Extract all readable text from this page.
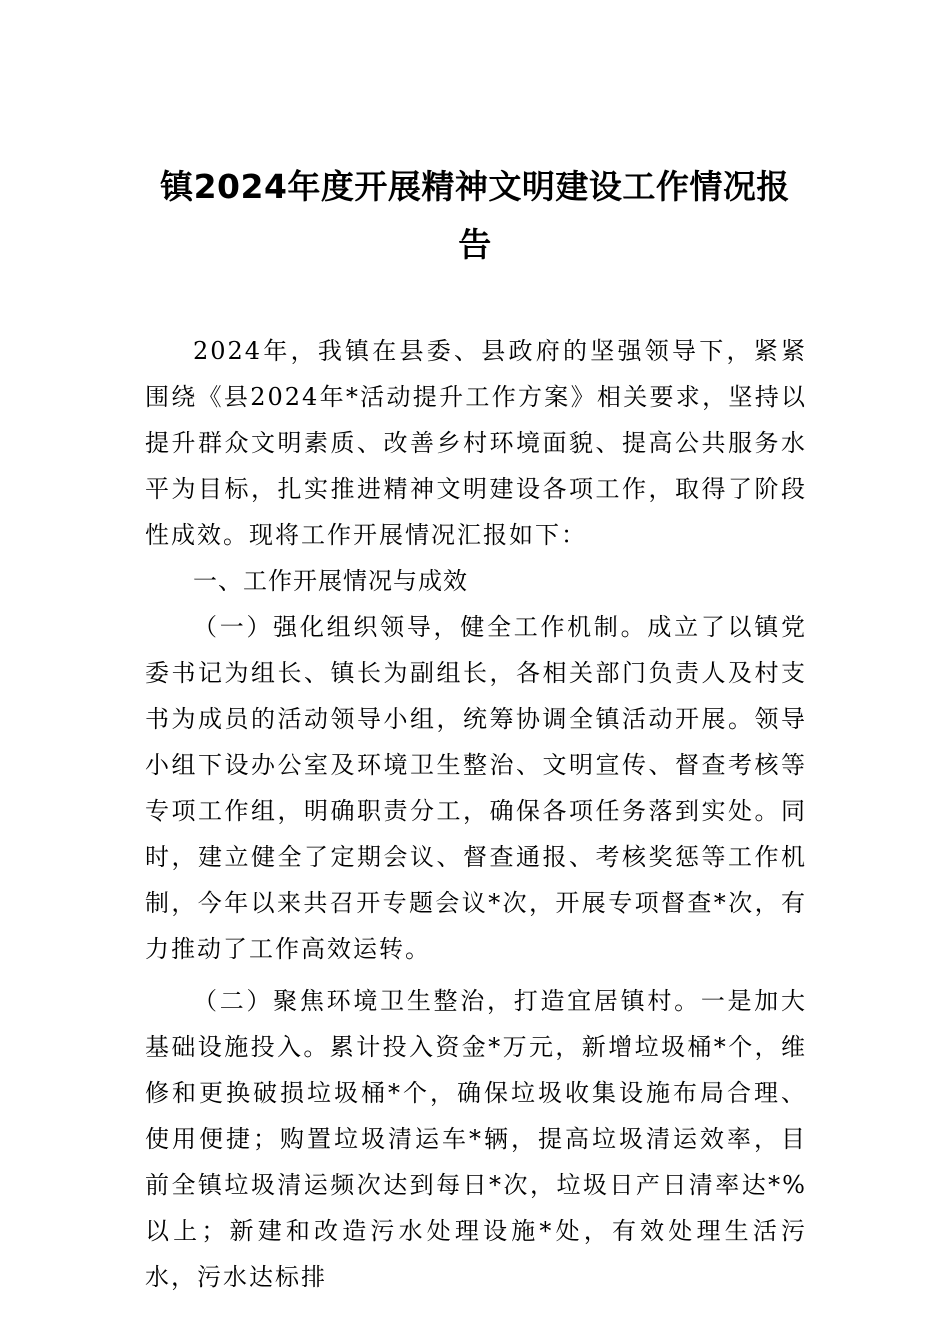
镇2024年度开展精神文明建设工作情况报告

2024年，我镇在县委、县政府的坚强领导下，紧紧围绕《县2024年*活动提升工作方案》相关要求，坚持以提升群众文明素质、改善乡村环境面貌、提高公共服务水平为目标，扎实推进精神文明建设各项工作，取得了阶段性成效。现将工作开展情况汇报如下：

一、工作开展情况与成效

（一）强化组织领导，健全工作机制。成立了以镇党委书记为组长、镇长为副组长，各相关部门负责人及村支书为成员的活动领导小组，统筹协调全镇活动开展。领导小组下设办公室及环境卫生整治、文明宣传、督查考核等专项工作组，明确职责分工，确保各项任务落到实处。同时，建立健全了定期会议、督查通报、考核奖惩等工作机制，今年以来共召开专题会议*次，开展专项督查*次，有力推动了工作高效运转。

（二）聚焦环境卫生整治，打造宜居镇村。一是加大基础设施投入。累计投入资金*万元，新增垃圾桶*个，维修和更换破损垃圾桶*个，确保垃圾收集设施布局合理、使用便捷；购置垃圾清运车*辆，提高垃圾清运效率，目前全镇垃圾清运频次达到每日*次，垃圾日产日清率达*%以上；新建和改造污水处理设施*处，有效处理生活污水，污水达标排
